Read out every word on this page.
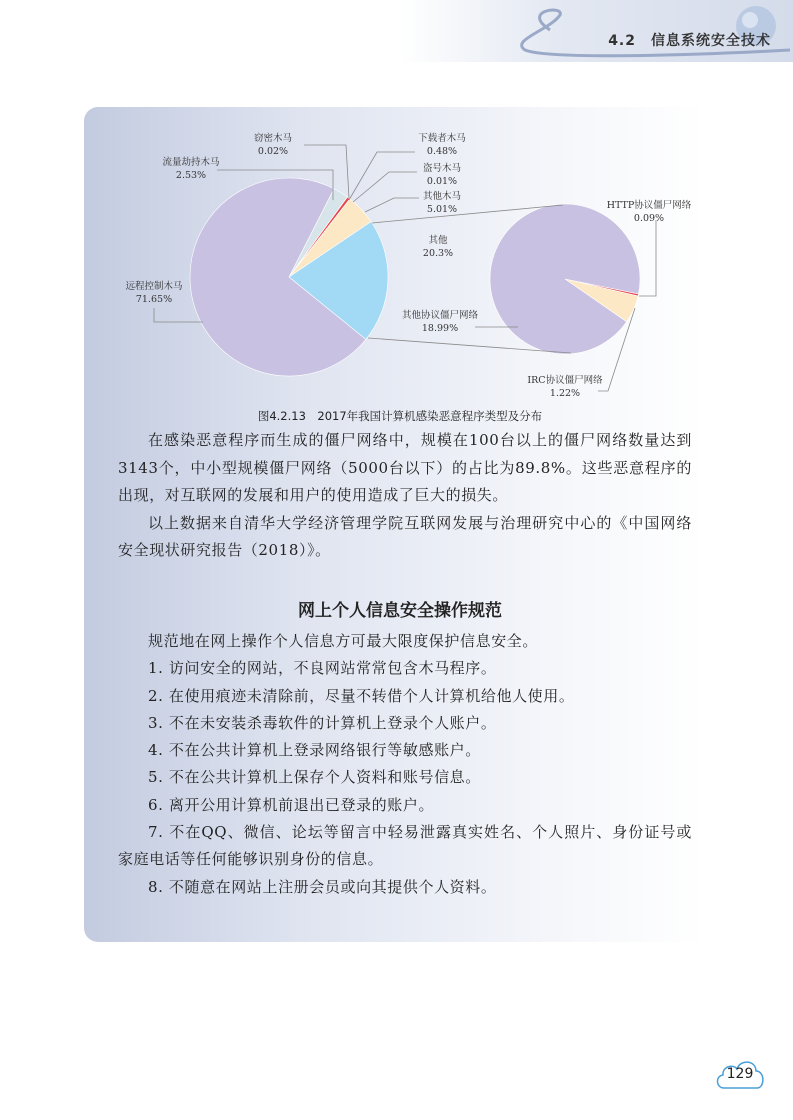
4.2　信息系统安全技术
窃密木马
0.02%
流量劫持木马
2.53%
下载者木马
0.48%
盗号木马
0.01%
其他木马
5.01%
其他
20.3%
远程控制木马
71.65%
其他协议僵尸网络
18.99%
HTTP协议僵尸网络
0.09%
IRC协议僵尸网络
1.22%
图4.2.13　2017年我国计算机感染恶意程序类型及分布

在感染恶意程序而生成的僵尸网络中，规模在100台以上的僵尸网络数量达到3143个，中小型规模僵尸网络（5000台以下）的占比为89.8%。这些恶意程序的出现，对互联网的发展和用户的使用造成了巨大的损失。

以上数据来自清华大学经济管理学院互联网发展与治理研究中心的《中国网络安全现状研究报告（2018）》。

网上个人信息安全操作规范

规范地在网上操作个人信息方可最大限度保护信息安全。

1. 访问安全的网站，不良网站常常包含木马程序。

2. 在使用痕迹未清除前，尽量不转借个人计算机给他人使用。

3. 不在未安装杀毒软件的计算机上登录个人账户。

4. 不在公共计算机上登录网络银行等敏感账户。

5. 不在公共计算机上保存个人资料和账号信息。

6. 离开公用计算机前退出已登录的账户。

7. 不在QQ、微信、论坛等留言中轻易泄露真实姓名、个人照片、身份证号或家庭电话等任何能够识别身份的信息。

8. 不随意在网站上注册会员或向其提供个人资料。

129
